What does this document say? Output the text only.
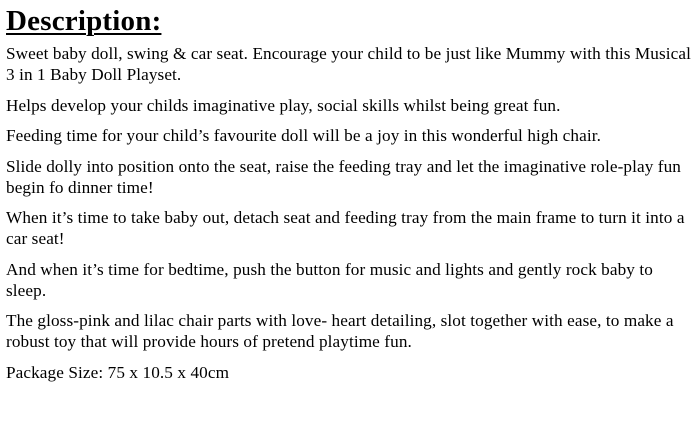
Description:

Sweet baby doll, swing & car seat. Encourage your child to be just like Mummy with this Musical 3 in 1 Baby Doll Playset.

Helps develop your childs imaginative play, social skills whilst being great fun.

Feeding time for your child’s favourite doll will be a joy in this wonderful high chair.

Slide dolly into position onto the seat, raise the feeding tray and let the imaginative role-play fun begin fo dinner time!

When it’s time to take baby out, detach seat and feeding tray from the main frame to turn it into a car seat!

And when it’s time for bedtime, push the button for music and lights and gently rock baby to sleep.

The gloss-pink and lilac chair parts with love- heart detailing, slot together with ease, to make a robust toy that will provide hours of pretend playtime fun.

Package Size: 75 x 10.5 x 40cm
